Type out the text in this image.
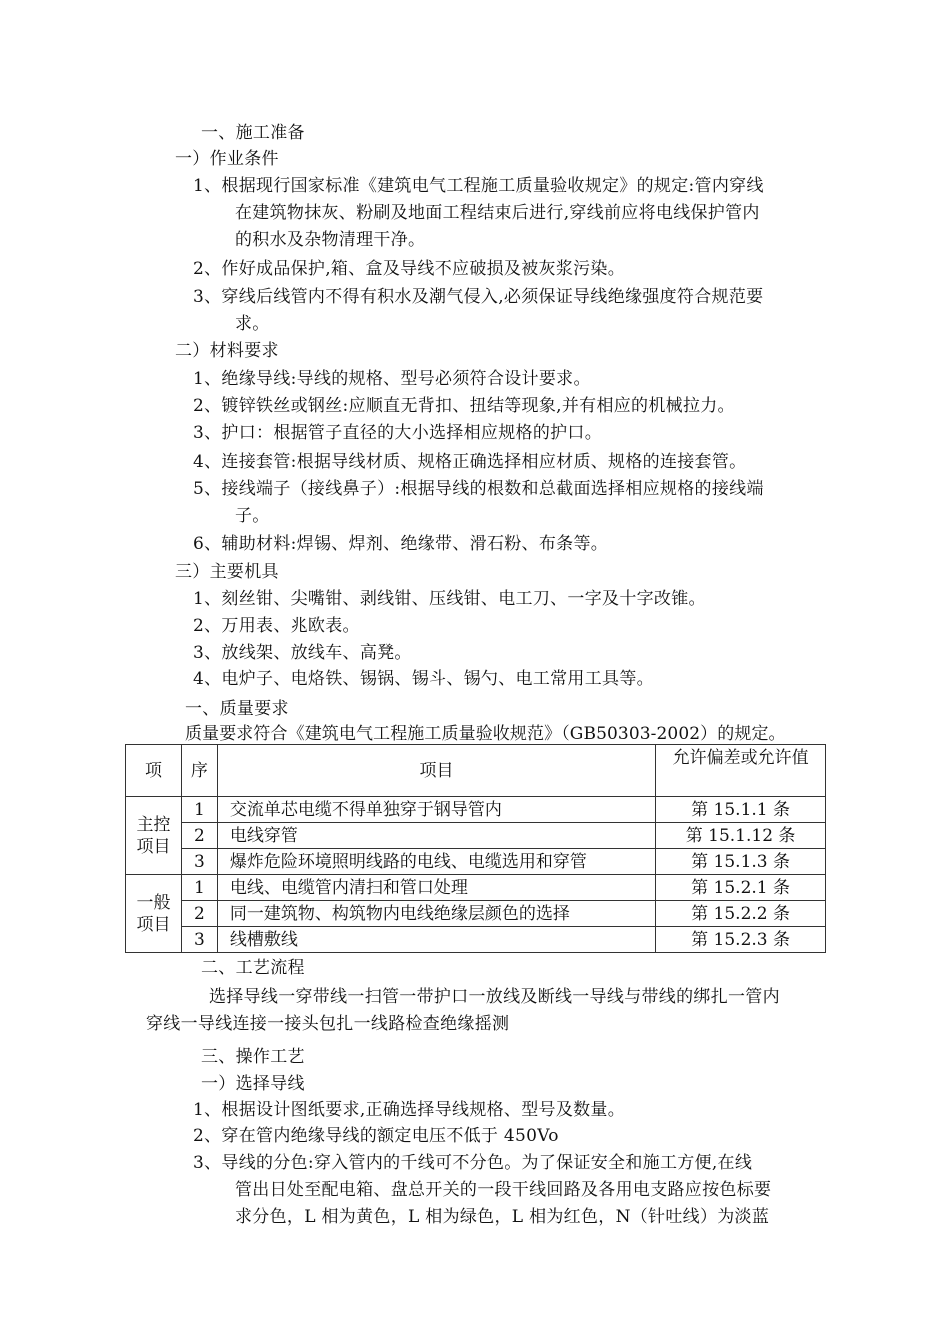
一、施工准备
一）作业条件
1、根据现行国家标准《建筑电气工程施工质量验收规定》的规定:管内穿线
在建筑物抹灰、粉刷及地面工程结束后进行,穿线前应将电线保护管内
的积水及杂物清理干净。
2、作好成品保护,箱、盒及导线不应破损及被灰浆污染。
3、穿线后线管内不得有积水及潮气侵入,必须保证导线绝缘强度符合规范要
求。
二）材料要求
1、绝缘导线:导线的规格、型号必须符合设计要求。
2、镀锌铁丝或钢丝:应顺直无背扣、扭结等现象,并有相应的机械拉力。
3、护口：根据管子直径的大小选择相应规格的护口。
4、连接套管:根据导线材质、规格正确选择相应材质、规格的连接套管。
5、接线端子（接线鼻子）:根据导线的根数和总截面选择相应规格的接线端
子。
6、辅助材料:焊锡、焊剂、绝缘带、滑石粉、布条等。
三）主要机具
1、刻丝钳、尖嘴钳、剥线钳、压线钳、电工刀、一字及十字改锥。
2、万用表、兆欧表。
3、放线架、放线车、高凳。
4、电炉子、电烙铁、锡锅、锡斗、锡勺、电工常用工具等。
一、质量要求
质量要求符合《建筑电气工程施工质量验收规范》（GB50303-2002）的规定。
项	序	项目	允许偏差或允许值

主控
项目	1	交流单芯电缆不得单独穿于钢导管内	第 15.1.1 条
	2	电线穿管	第 15.1.12 条
	3	爆炸危险环境照明线路的电线、电缆选用和穿管	第 15.1.3 条

一般
项目	1	电线、电缆管内清扫和管口处理	第 15.2.1 条
	2	同一建筑物、构筑物内电线绝缘层颜色的选择	第 15.2.2 条
	3	线槽敷线	第 15.2.3 条
二、工艺流程
选择导线一穿带线一扫管一带护口一放线及断线一导线与带线的绑扎一管内
穿线一导线连接一接头包扎一线路检查绝缘摇测
三、操作工艺
一）选择导线
1、根据设计图纸要求,正确选择导线规格、型号及数量。
2、穿在管内绝缘导线的额定电压不低于 450Vo
3、导线的分色:穿入管内的千线可不分色。为了保证安全和施工方便,在线
管出日处至配电箱、盘总开关的一段干线回路及各用电支路应按色标要
求分色，L 相为黄色，L 相为绿色，L 相为红色，N（针吐线）为淡蓝
